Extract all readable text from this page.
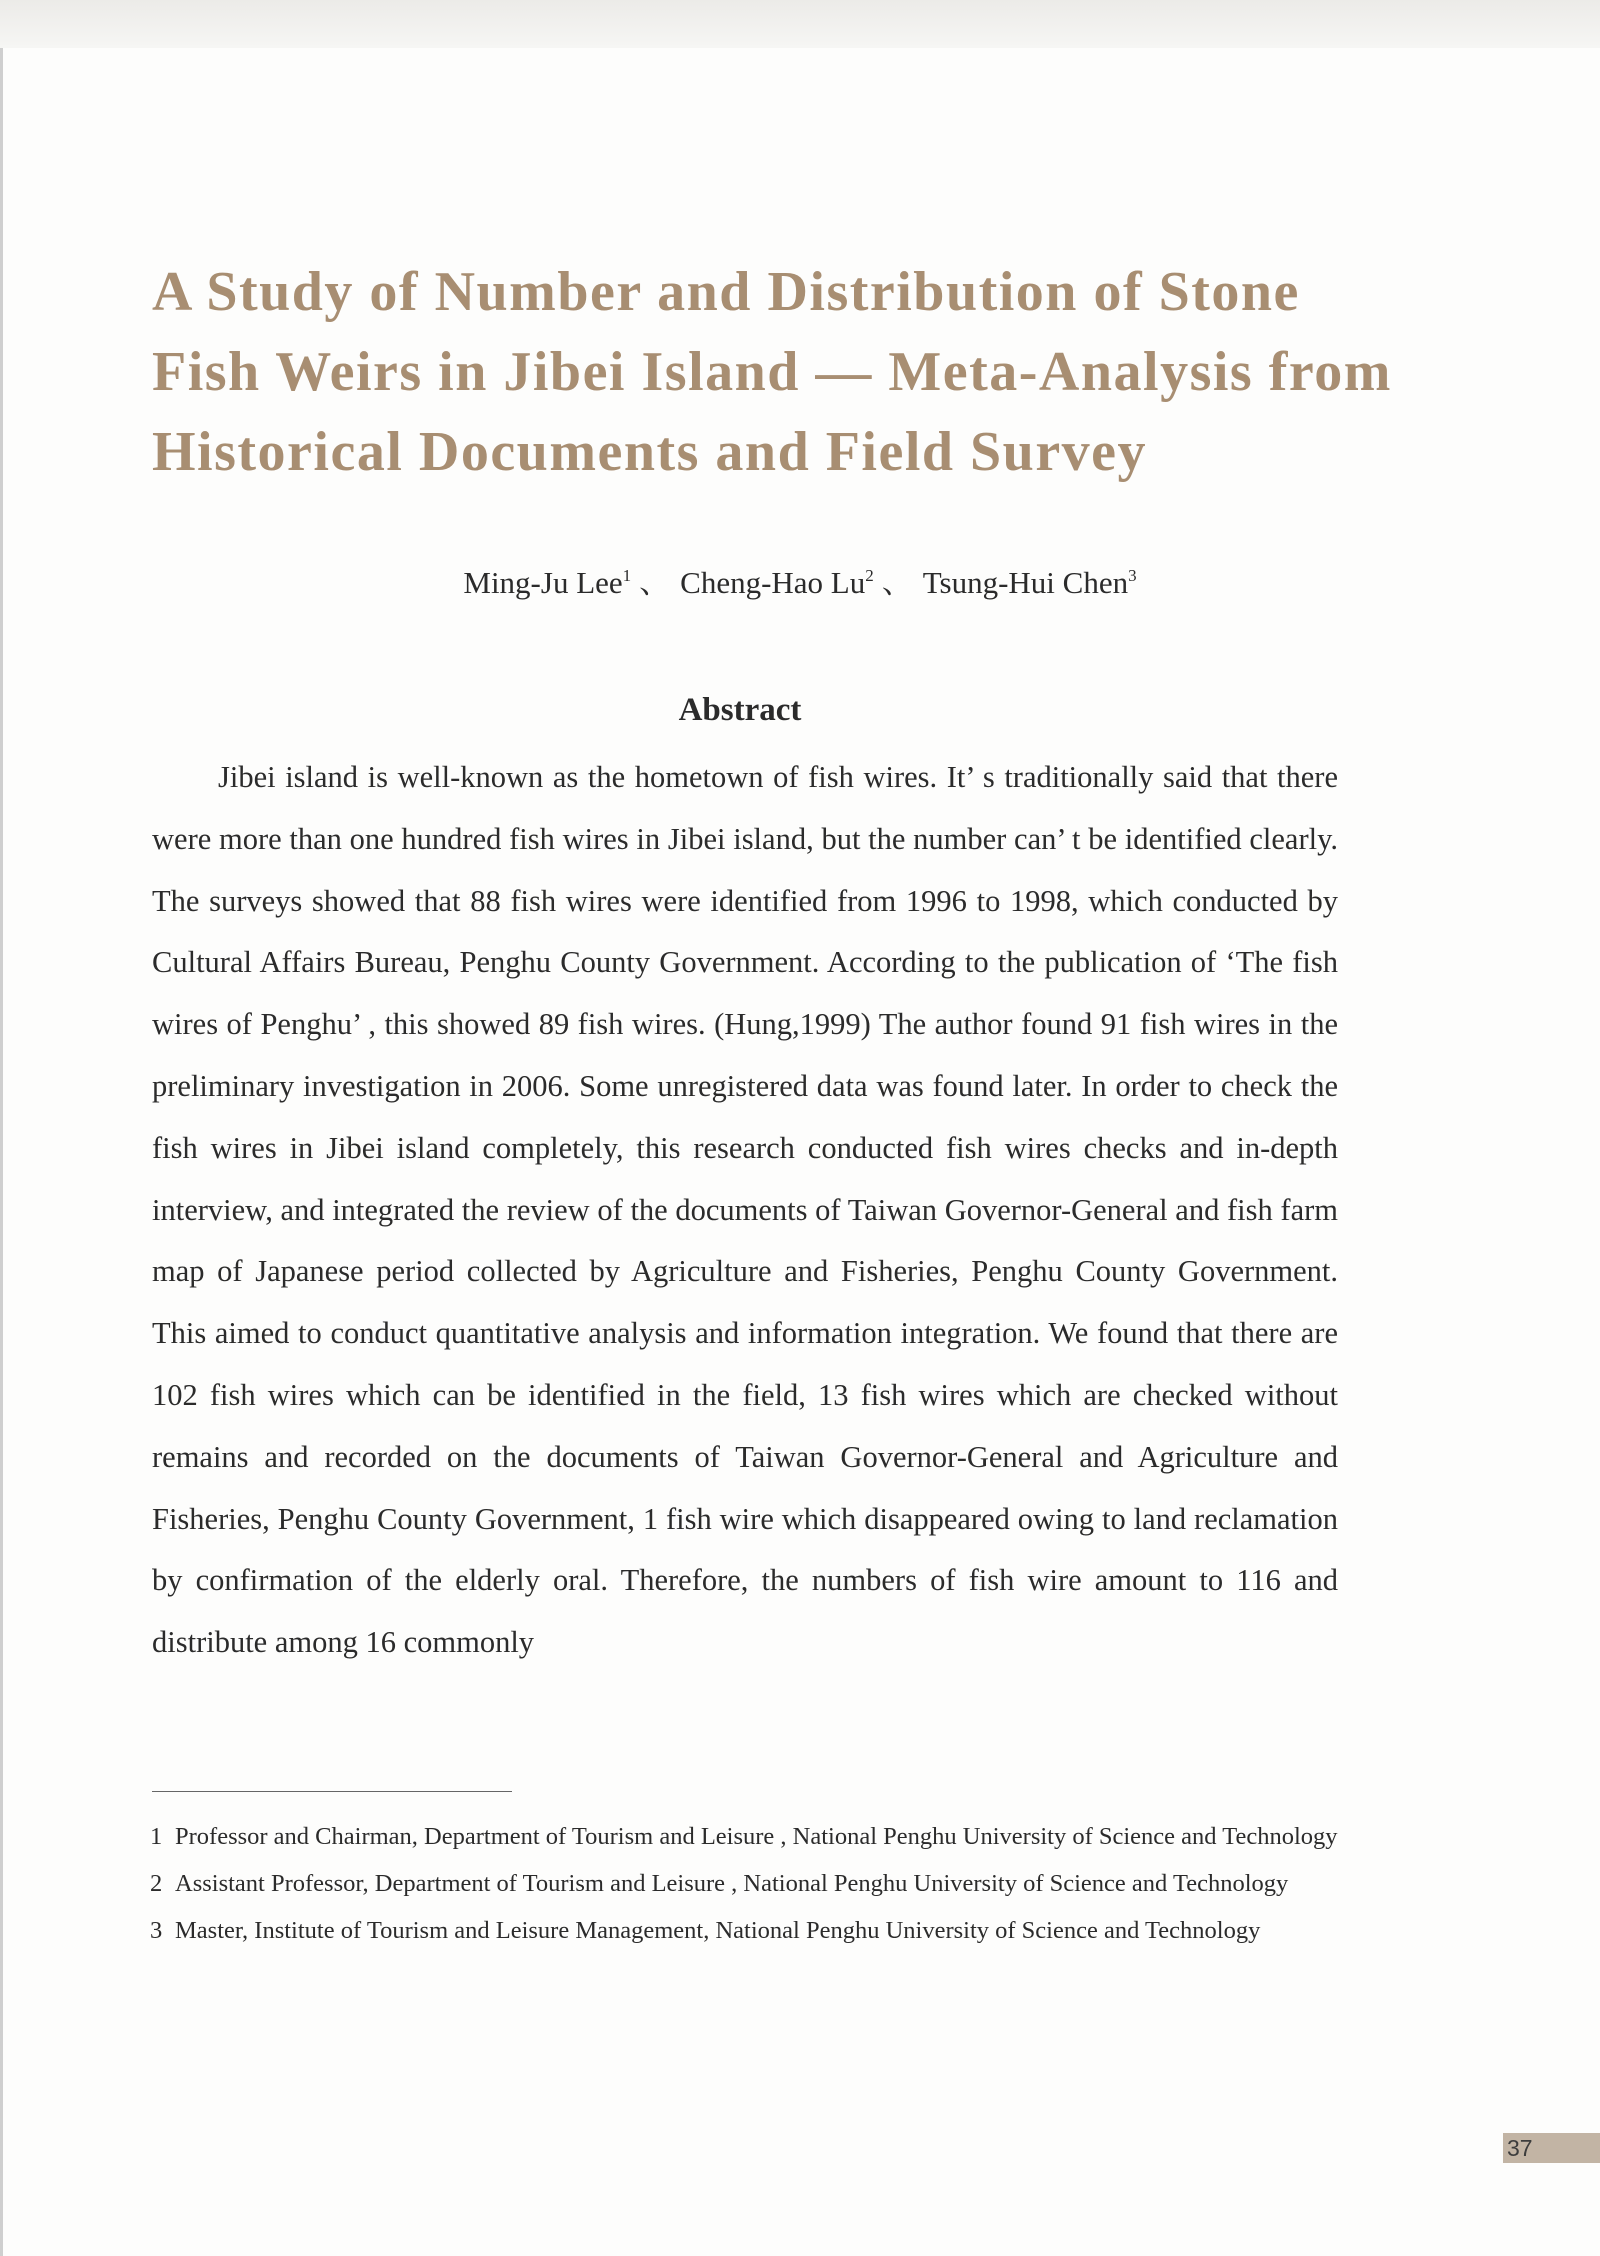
A Study of Number and Distribution of Stone
Fish Weirs in Jibei Island — Meta-Analysis from
Historical Documents and Field Survey
Ming-Ju Lee$^1$ 、 Cheng-Hao Lu$^2$ 、 Tsung-Hui Chen$^3$
Abstract

Jibei island is well-known as the hometown of fish wires. It’ s traditionally said that there were more than one hundred fish wires in Jibei island, but the number can’ t be identified clearly. The surveys showed that 88 fish wires were identified from 1996 to 1998, which conducted by Cultural Affairs Bureau, Penghu County Government. According to the publication of ‘The fish wires of Penghu’ , this showed 89 fish wires. (Hung,1999) The author found 91 fish wires in the preliminary investigation in 2006. Some unregistered data was found later. In order to check the fish wires in Jibei island completely, this research conducted fish wires checks and in-depth interview, and integrated the review of the documents of Taiwan Governor-General and fish farm map of Japanese period collected by Agriculture and Fisheries, Penghu County Government. This aimed to conduct quantitative analysis and information integration. We found that there are 102 fish wires which can be identified in the field, 13 fish wires which are checked without remains and recorded on the documents of Taiwan Governor-General and Agriculture and Fisheries, Penghu County Government, 1 fish wire which disappeared owing to land reclamation by confirmation of the elderly oral. Therefore, the numbers of fish wire amount to 116 and distribute among 16 commonly

1 Professor and Chairman, Department of Tourism and Leisure , National Penghu University of Science and Technology
2 Assistant Professor, Department of Tourism and Leisure , National Penghu University of Science and Technology
3 Master, Institute of Tourism and Leisure Management, National Penghu University of Science and Technology
37
